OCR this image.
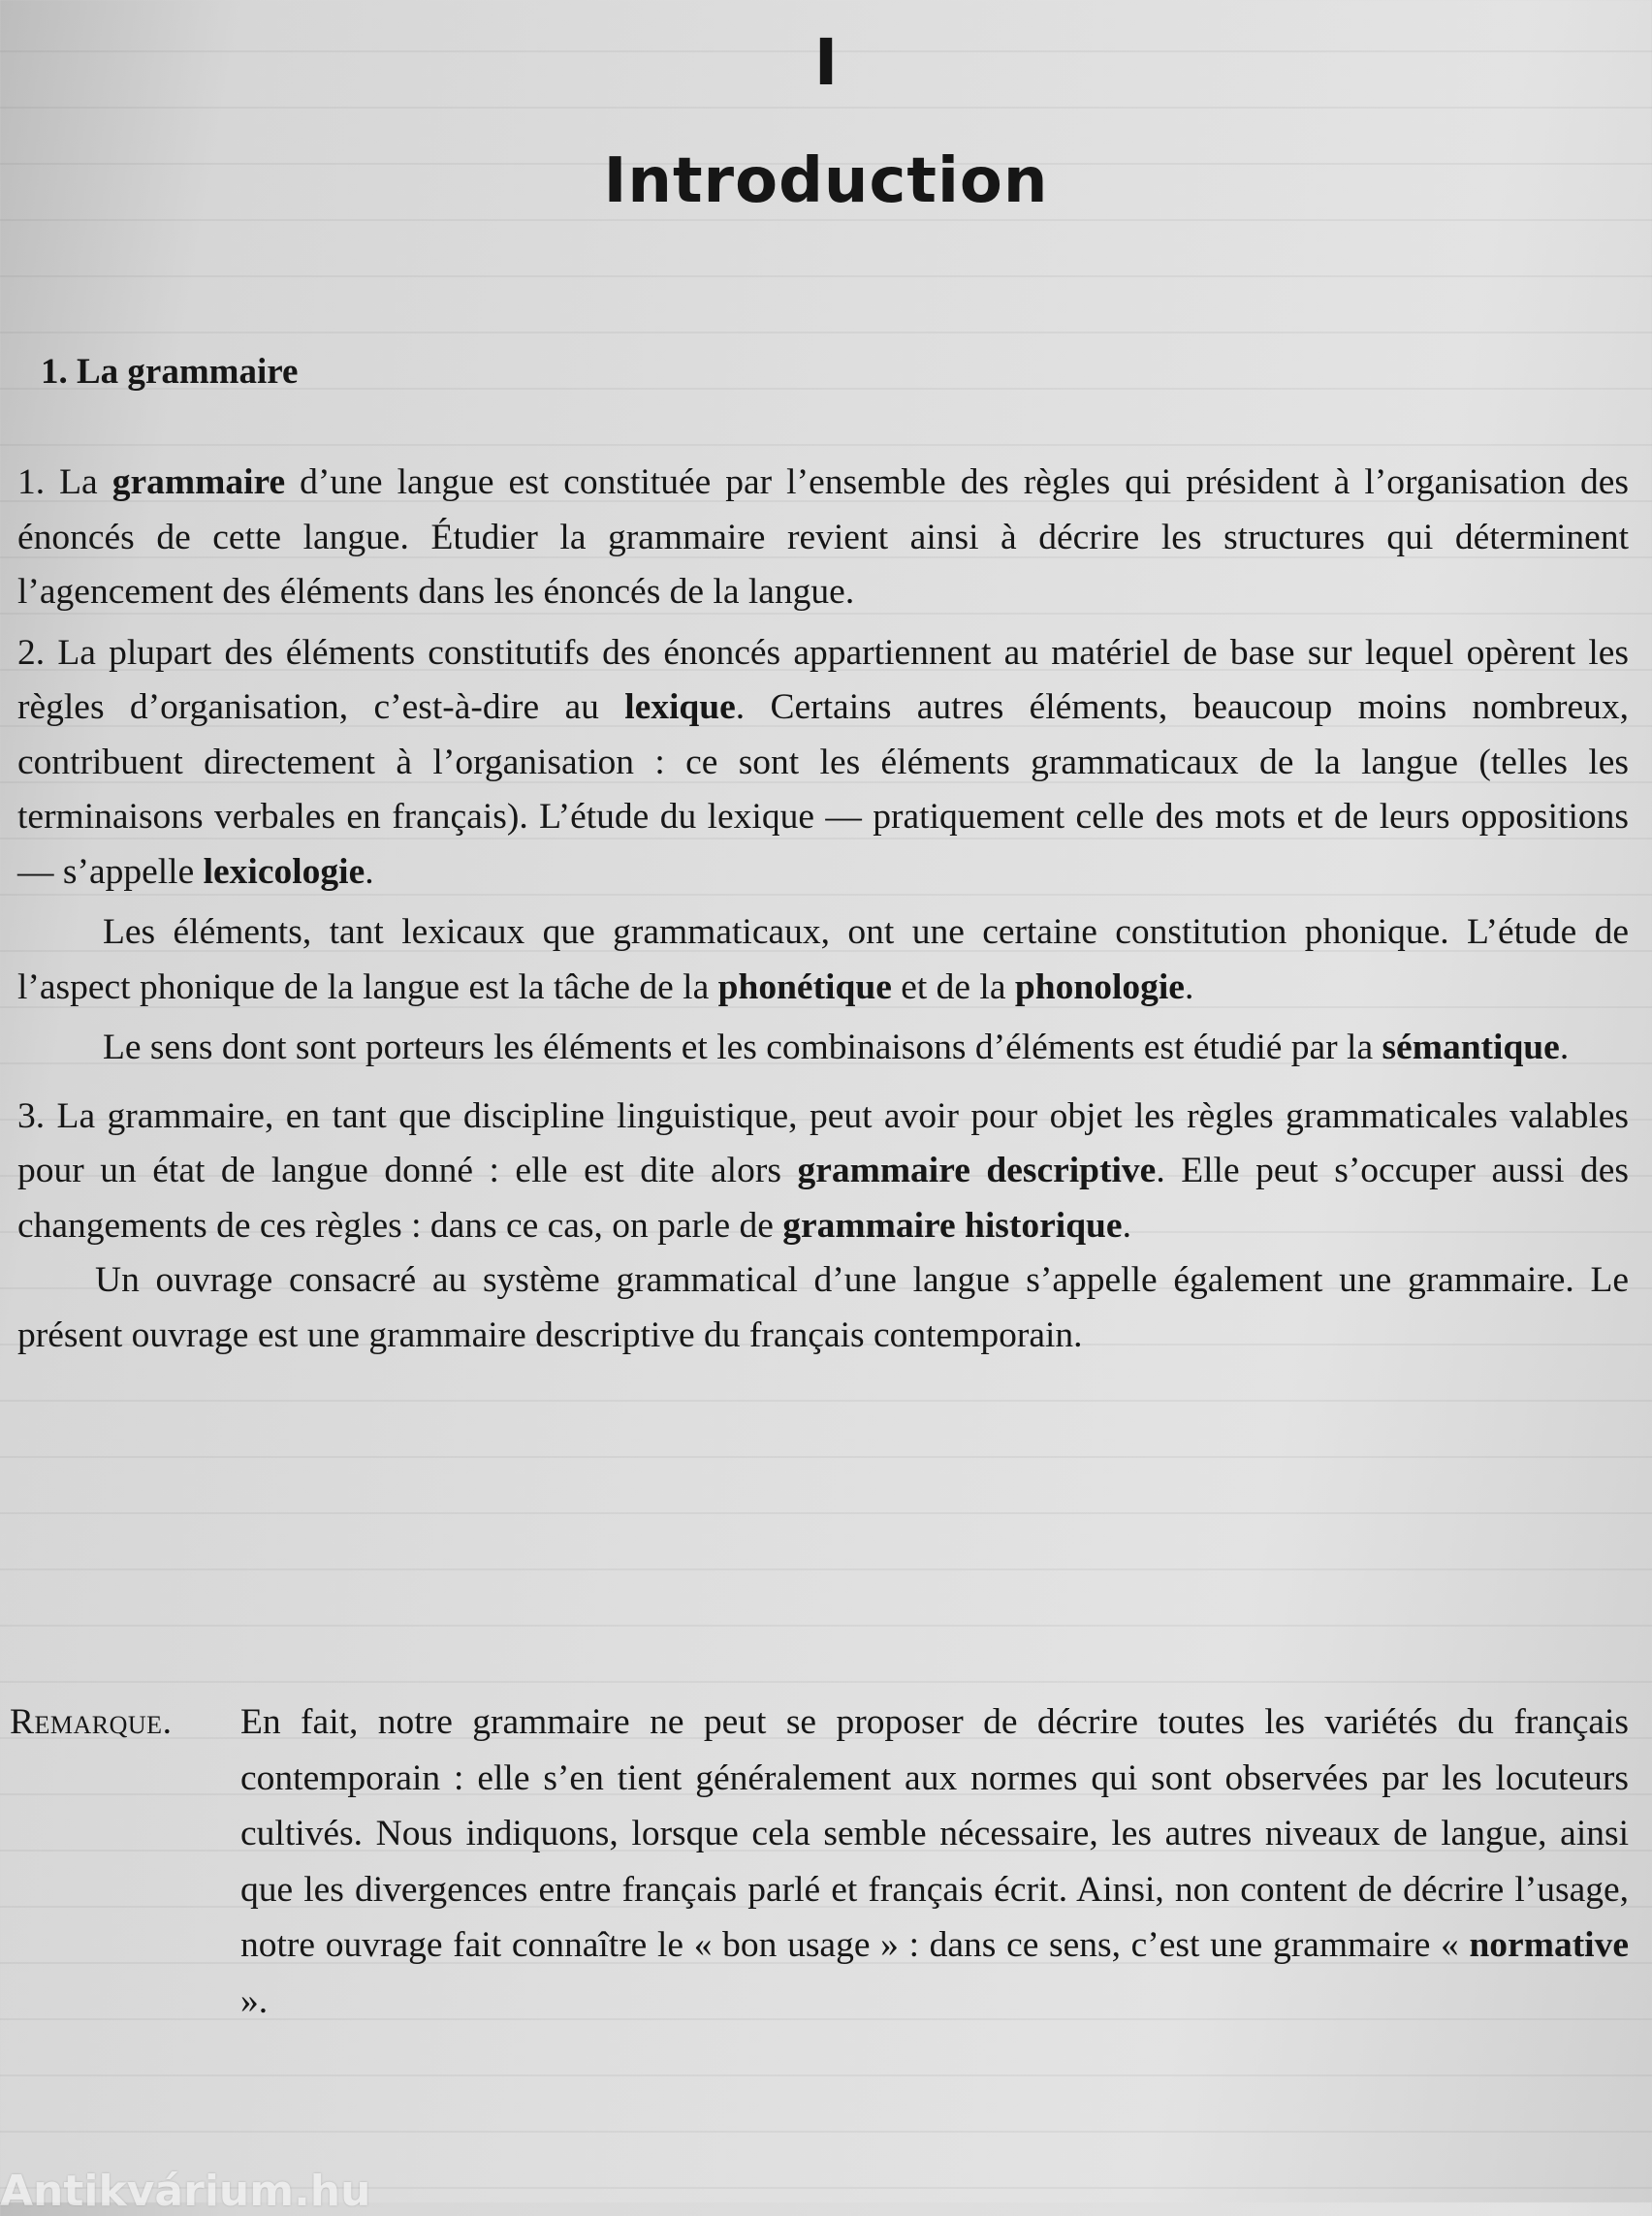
I
Introduction
1. La grammaire

1. La grammaire d’une langue est constituée par l’ensemble des règles qui président à l’organisation des énoncés de cette langue. Étudier la grammaire revient ainsi à décrire les structures qui déterminent l’agencement des éléments dans les énoncés de la langue.

2. La plupart des éléments constitutifs des énoncés appartiennent au matériel de base sur lequel opèrent les règles d’organisation, c’est-à-dire au lexique. Certains autres éléments, beaucoup moins nombreux, contribuent directement à l’organisation : ce sont les éléments grammaticaux de la langue (telles les terminaisons verbales en français). L’étude du lexique — pratiquement celle des mots et de leurs oppositions — s’appelle lexicologie.

Les éléments, tant lexicaux que grammaticaux, ont une certaine constitution phonique. L’étude de l’aspect phonique de la langue est la tâche de la phonétique et de la phonologie.

Le sens dont sont porteurs les éléments et les combinaisons d’éléments est étudié par la sémantique.

3. La grammaire, en tant que discipline linguistique, peut avoir pour objet les règles grammaticales valables pour un état de langue donné : elle est dite alors grammaire descriptive. Elle peut s’occuper aussi des changements de ces règles : dans ce cas, on parle de grammaire historique.

Un ouvrage consacré au système grammatical d’une langue s’appelle également une grammaire. Le présent ouvrage est une grammaire descriptive du français contemporain.

Remarque. En fait, notre grammaire ne peut se proposer de décrire toutes les variétés du français contemporain : elle s’en tient généralement aux normes qui sont observées par les locuteurs cultivés. Nous indiquons, lorsque cela semble nécessaire, les autres niveaux de langue, ainsi que les divergences entre français parlé et français écrit. Ainsi, non content de décrire l’usage, notre ouvrage fait connaître le « bon usage » : dans ce sens, c’est une grammaire « normative ».
Antikvárium.hu
